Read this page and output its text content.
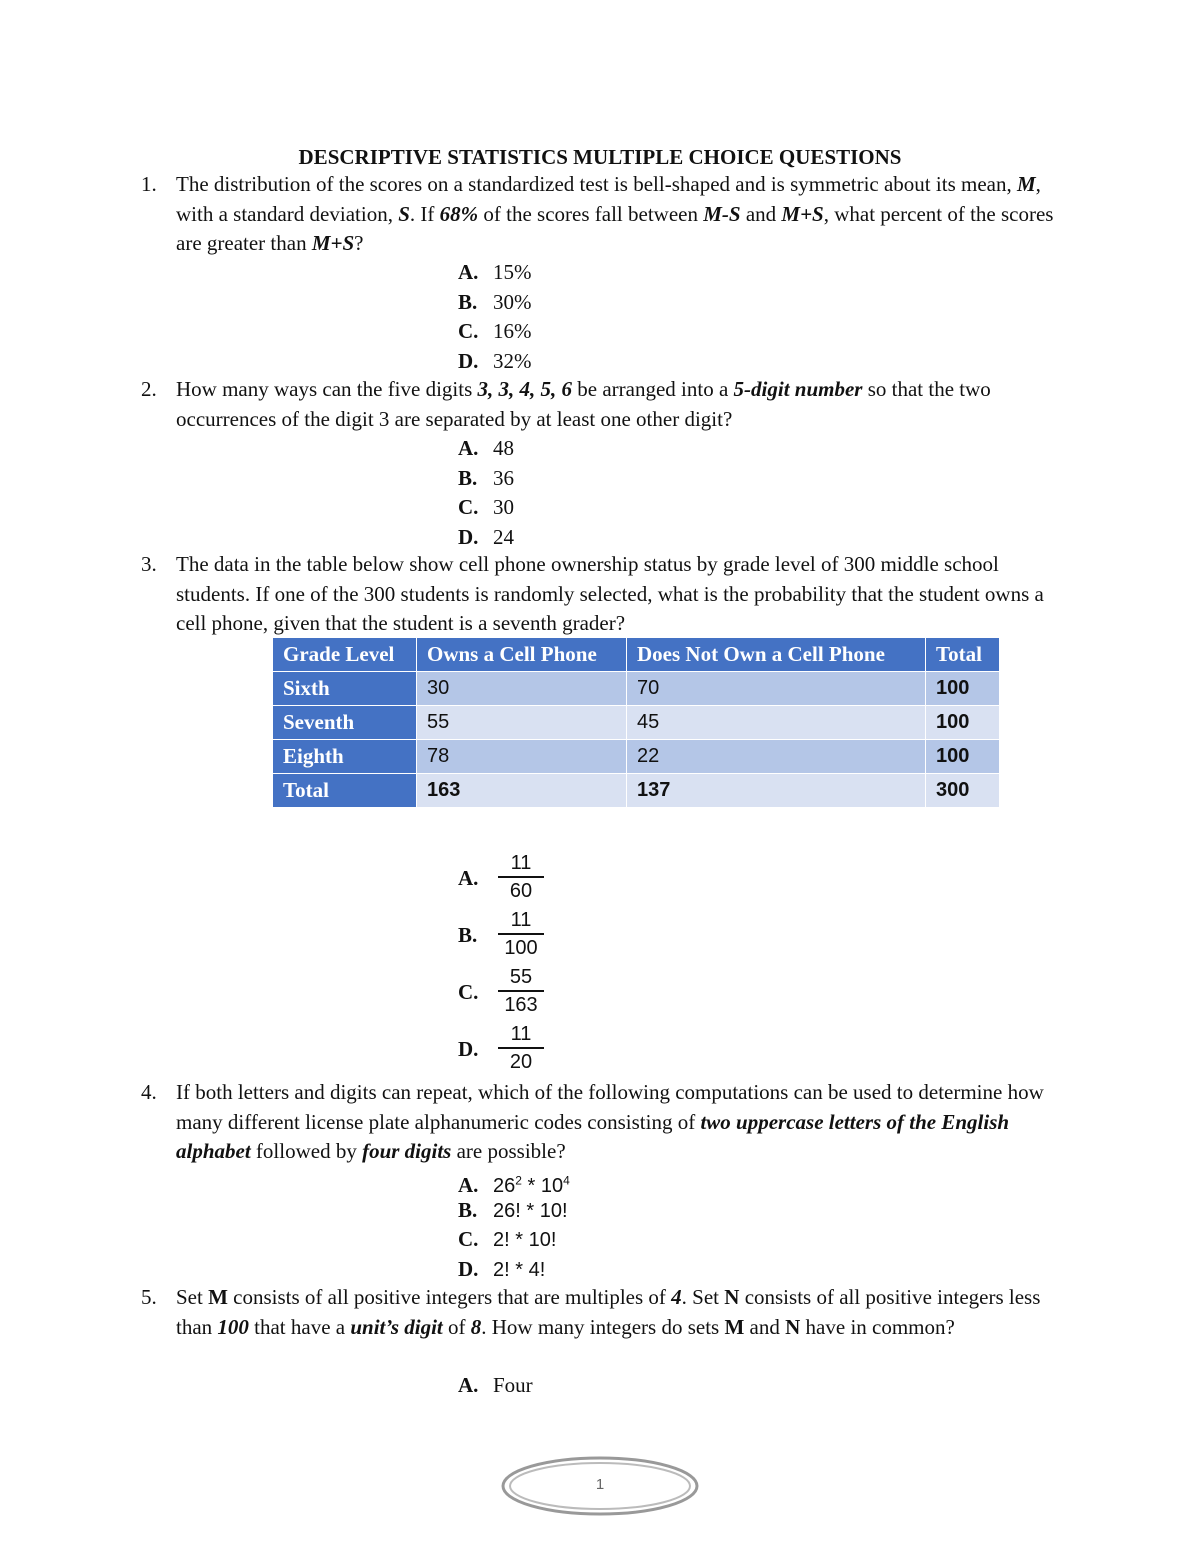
DESCRIPTIVE STATISTICS MULTIPLE CHOICE QUESTIONS
1. The distribution of the scores on a standardized test is bell-shaped and is symmetric about its mean, M, with a standard deviation, S. If 68% of the scores fall between M-S and M+S, what percent of the scores are greater than M+S?
A. 15%
B. 30%
C. 16%
D. 32%
2. How many ways can the five digits 3, 3, 4, 5, 6 be arranged into a 5-digit number so that the two occurrences of the digit 3 are separated by at least one other digit?
A. 48
B. 36
C. 30
D. 24
3. The data in the table below show cell phone ownership status by grade level of 300 middle school students. If one of the 300 students is randomly selected, what is the probability that the student owns a cell phone, given that the student is a seventh grader?
Grade Level	Owns a Cell Phone	Does Not Own a Cell Phone	Total
Sixth	30	70	100
Seventh	55	45	100
Eighth	78	22	100
Total	163	137	300
A. $\frac{11}{60}$
B. $\frac{11}{100}$
C. $\frac{55}{163}$
D. $\frac{11}{20}$
4. If both letters and digits can repeat, which of the following computations can be used to determine how many different license plate alphanumeric codes consisting of two uppercase letters of the English alphabet followed by four digits are possible?
A. $26^2 * 10^4$
B. 26! * 10!
C. 2! * 10!
D. 2! * 4!
5. Set M consists of all positive integers that are multiples of 4. Set N consists of all positive integers less than 100 that have a unit’s digit of 8. How many integers do sets M and N have in common?
A. Four
1
